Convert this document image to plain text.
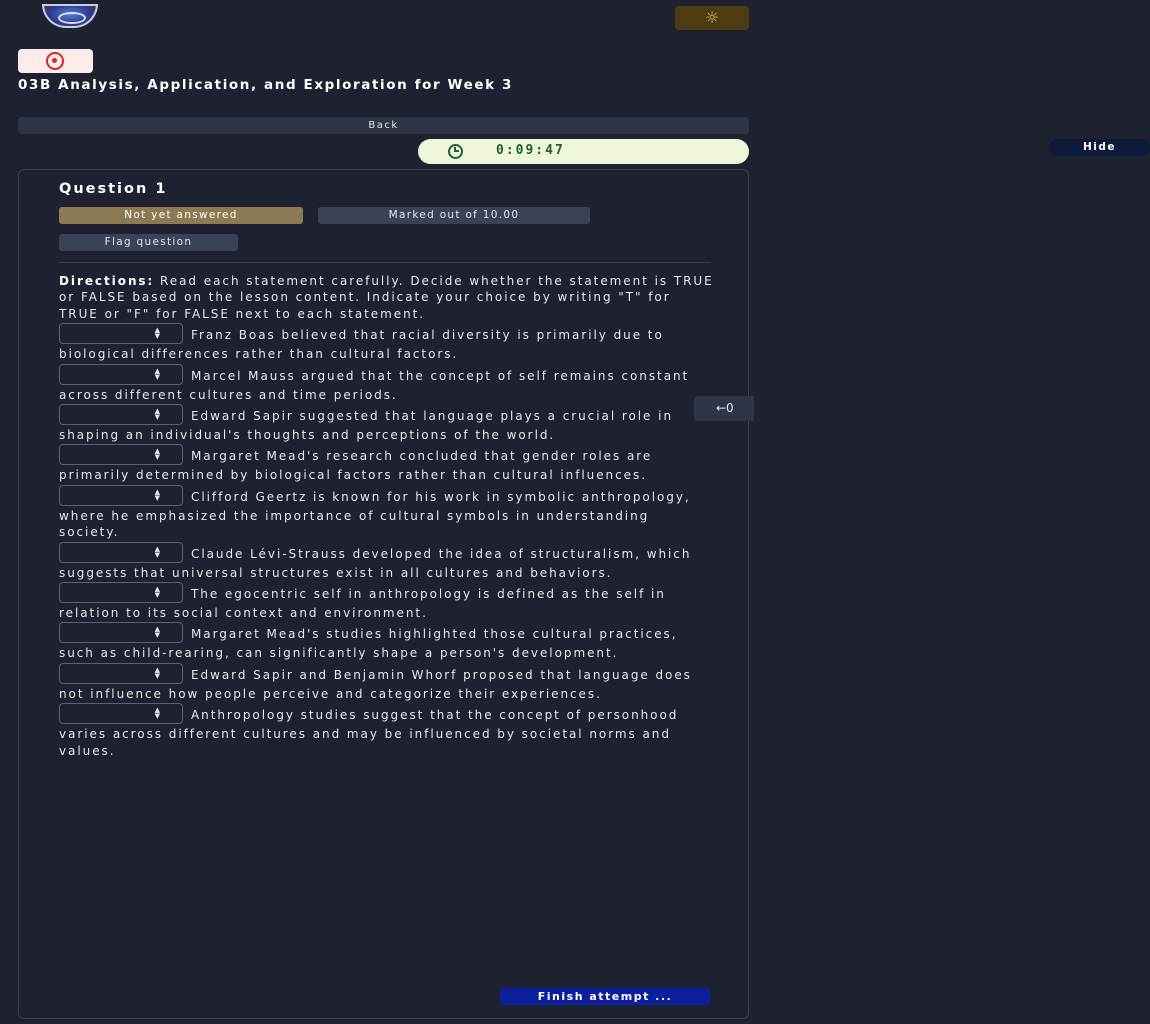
☼
03B Analysis, Application, and Exploration for Week 3
Back
0:09:47	Hide
Question 1
Not yet answered	Marked out of 10.00
Flag question
Directions: Read each statement carefully. Decide whether the statement is TRUE or FALSE based on the lesson content. Indicate your choice by writing "T" for TRUE or "F" for FALSE next to each statement.
▲
▼	Franz Boas believed that racial diversity is primarily due to biological differences rather than cultural factors.
▲
▼	Marcel Mauss argued that the concept of self remains constant across different cultures and time periods.
▲
▼	Edward Sapir suggested that language plays a crucial role in shaping an individual's thoughts and perceptions of the world.
▲
▼	Margaret Mead's research concluded that gender roles are primarily determined by biological factors rather than cultural influences.
▲
▼	Clifford Geertz is known for his work in symbolic anthropology, where he emphasized the importance of cultural symbols in understanding society.
▲
▼	Claude Lévi-Strauss developed the idea of structuralism, which suggests that universal structures exist in all cultures and behaviors.
▲
▼	The egocentric self in anthropology is defined as the self in relation to its social context and environment.
▲
▼	Margaret Mead's studies highlighted those cultural practices, such as child-rearing, can significantly shape a person's development.
▲
▼	Edward Sapir and Benjamin Whorf proposed that language does not influence how people perceive and categorize their experiences.
▲
▼	Anthropology studies suggest that the concept of personhood varies across different cultures and may be influenced by societal norms and values.
←0
Finish attempt ...
